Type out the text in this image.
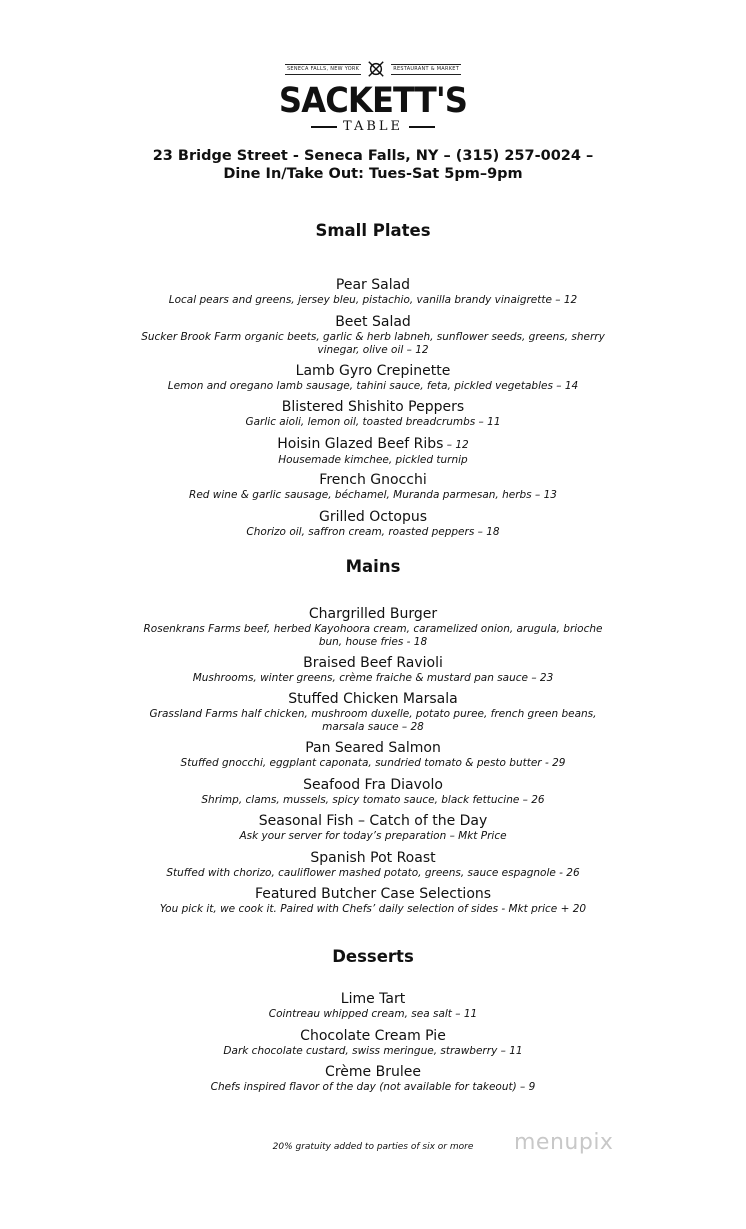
SENECA FALLS, NEW YORK	RESTAURANT & MARKET
SACKETT'S
TABLE
23 Bridge Street - Seneca Falls, NY – (315) 257-0024 –
Dine In/Take Out: Tues-Sat 5pm–9pm
Small Plates
Pear Salad
Local pears and greens, jersey bleu, pistachio, vanilla brandy vinaigrette – 12
Beet Salad
Sucker Brook Farm organic beets, garlic & herb labneh, sunflower seeds, greens, sherry vinegar, olive oil – 12
Lamb Gyro Crepinette
Lemon and oregano lamb sausage, tahini sauce, feta, pickled vegetables – 14
Blistered Shishito Peppers
Garlic aioli, lemon oil, toasted breadcrumbs – 11
Hoisin Glazed Beef Ribs – 12
Housemade kimchee, pickled turnip
French Gnocchi
Red wine & garlic sausage, béchamel, Muranda parmesan, herbs – 13
Grilled Octopus
Chorizo oil, saffron cream, roasted peppers – 18
Mains
Chargrilled Burger
Rosenkrans Farms beef, herbed Kayohoora cream, caramelized onion, arugula, brioche bun, house fries - 18
Braised Beef Ravioli
Mushrooms, winter greens, crème fraiche & mustard pan sauce – 23
Stuffed Chicken Marsala
Grassland Farms half chicken, mushroom duxelle, potato puree, french green beans, marsala sauce – 28
Pan Seared Salmon
Stuffed gnocchi, eggplant caponata, sundried tomato & pesto butter - 29
Seafood Fra Diavolo
Shrimp, clams, mussels, spicy tomato sauce, black fettucine – 26
Seasonal Fish – Catch of the Day
Ask your server for today’s preparation – Mkt Price
Spanish Pot Roast
Stuffed with chorizo, cauliflower mashed potato, greens, sauce espagnole - 26
Featured Butcher Case Selections
You pick it, we cook it. Paired with Chefs’ daily selection of sides - Mkt price + 20
Desserts
Lime Tart
Cointreau whipped cream, sea salt – 11
Chocolate Cream Pie
Dark chocolate custard, swiss meringue, strawberry – 11
Crème Brulee
Chefs inspired flavor of the day (not available for takeout) – 9
20% gratuity added to parties of six or more	menupix
